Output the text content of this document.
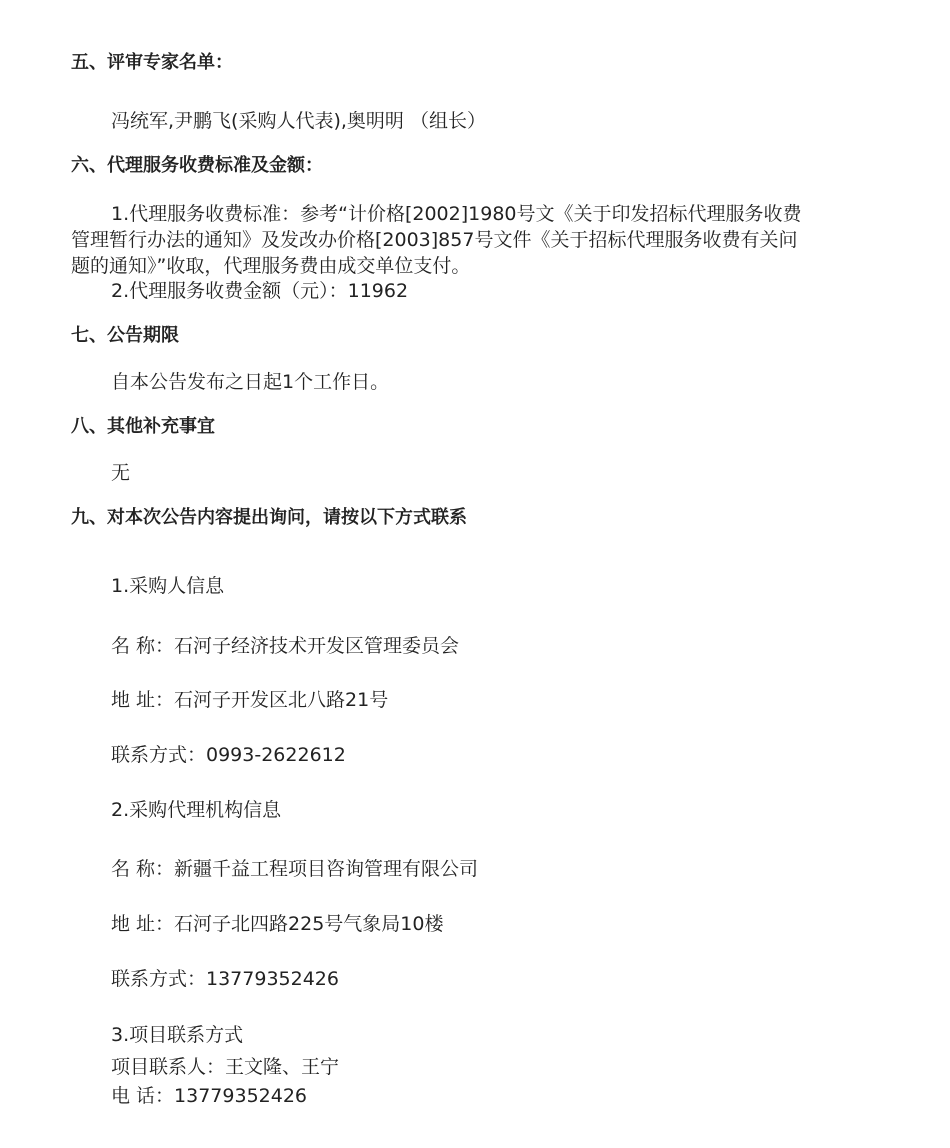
五、评审专家名单：
冯统军,尹鹏飞(采购人代表),奥明明 （组长）
六、代理服务收费标准及金额：
1.代理服务收费标准：参考“计价格[2002]1980号文《关于印发招标代理服务收费
管理暂行办法的通知》及发改办价格[2003]857号文件《关于招标代理服务收费有关问
题的通知》”收取，代理服务费由成交单位支付。
2.代理服务收费金额（元）：11962
七、公告期限
自本公告发布之日起1个工作日。
八、其他补充事宜
无
九、对本次公告内容提出询问，请按以下方式联系
1.采购人信息
名 称：石河子经济技术开发区管理委员会
地 址：石河子开发区北八路21号
联系方式：0993-2622612
2.采购代理机构信息
名 称：新疆千益工程项目咨询管理有限公司
地 址：石河子北四路225号气象局10楼
联系方式：13779352426
3.项目联系方式
项目联系人：王文隆、王宁
电 话：13779352426
